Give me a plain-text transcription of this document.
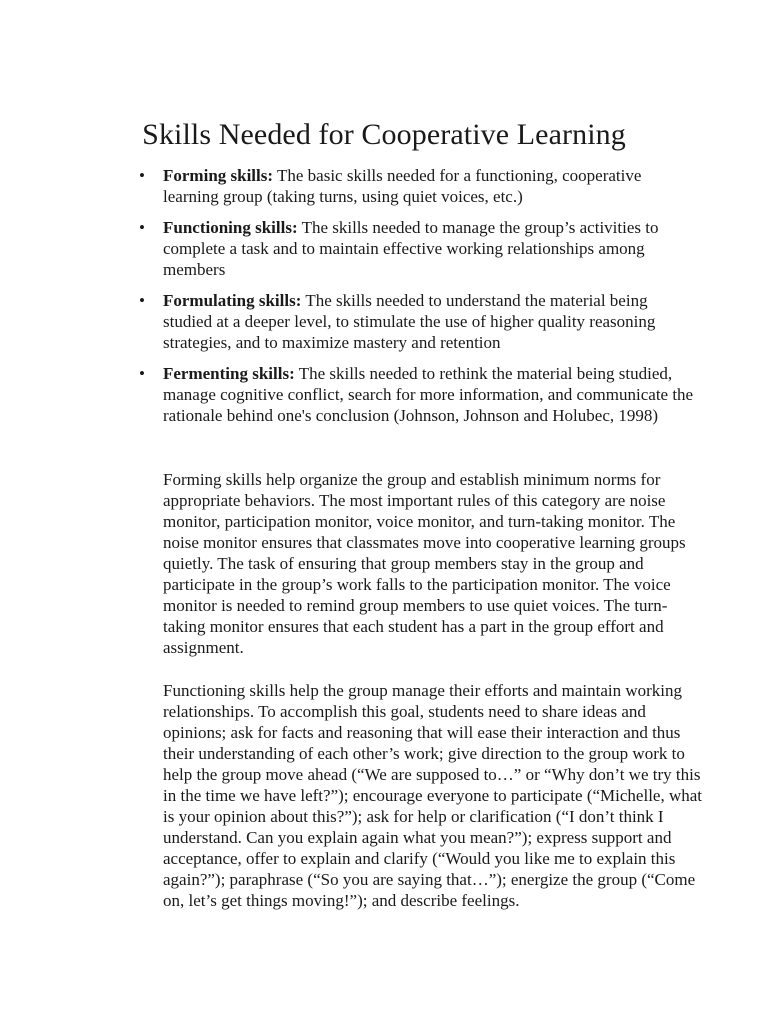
Skills Needed for Cooperative Learning
• Forming skills: The basic skills needed for a functioning, cooperative learning group (taking turns, using quiet voices, etc.)
• Functioning skills: The skills needed to manage the group’s activities to complete a task and to maintain effective working relationships among members
• Formulating skills: The skills needed to understand the material being studied at a deeper level, to stimulate the use of higher quality reasoning strategies, and to maximize mastery and retention
• Fermenting skills: The skills needed to rethink the material being studied, manage cognitive conflict, search for more information, and communicate the rationale behind one's conclusion (Johnson, Johnson and Holubec, 1998)

Forming skills help organize the group and establish minimum norms for appropriate behaviors. The most important rules of this category are noise monitor, participation monitor, voice monitor, and turn-taking monitor. The noise monitor ensures that classmates move into cooperative learning groups quietly. The task of ensuring that group members stay in the group and participate in the group’s work falls to the participation monitor. The voice monitor is needed to remind group members to use quiet voices. The turn-taking monitor ensures that each student has a part in the group effort and assignment.

Functioning skills help the group manage their efforts and maintain working relationships. To accomplish this goal, students need to share ideas and opinions; ask for facts and reasoning that will ease their interaction and thus their understanding of each other’s work; give direction to the group work to help the group move ahead (“We are supposed to…” or “Why don’t we try this in the time we have left?”); encourage everyone to participate (“Michelle, what is your opinion about this?”); ask for help or clarification (“I don’t think I understand. Can you explain again what you mean?”); express support and acceptance, offer to explain and clarify (“Would you like me to explain this again?”); paraphrase (“So you are saying that…”); energize the group (“Come on, let’s get things moving!”); and describe feelings.
